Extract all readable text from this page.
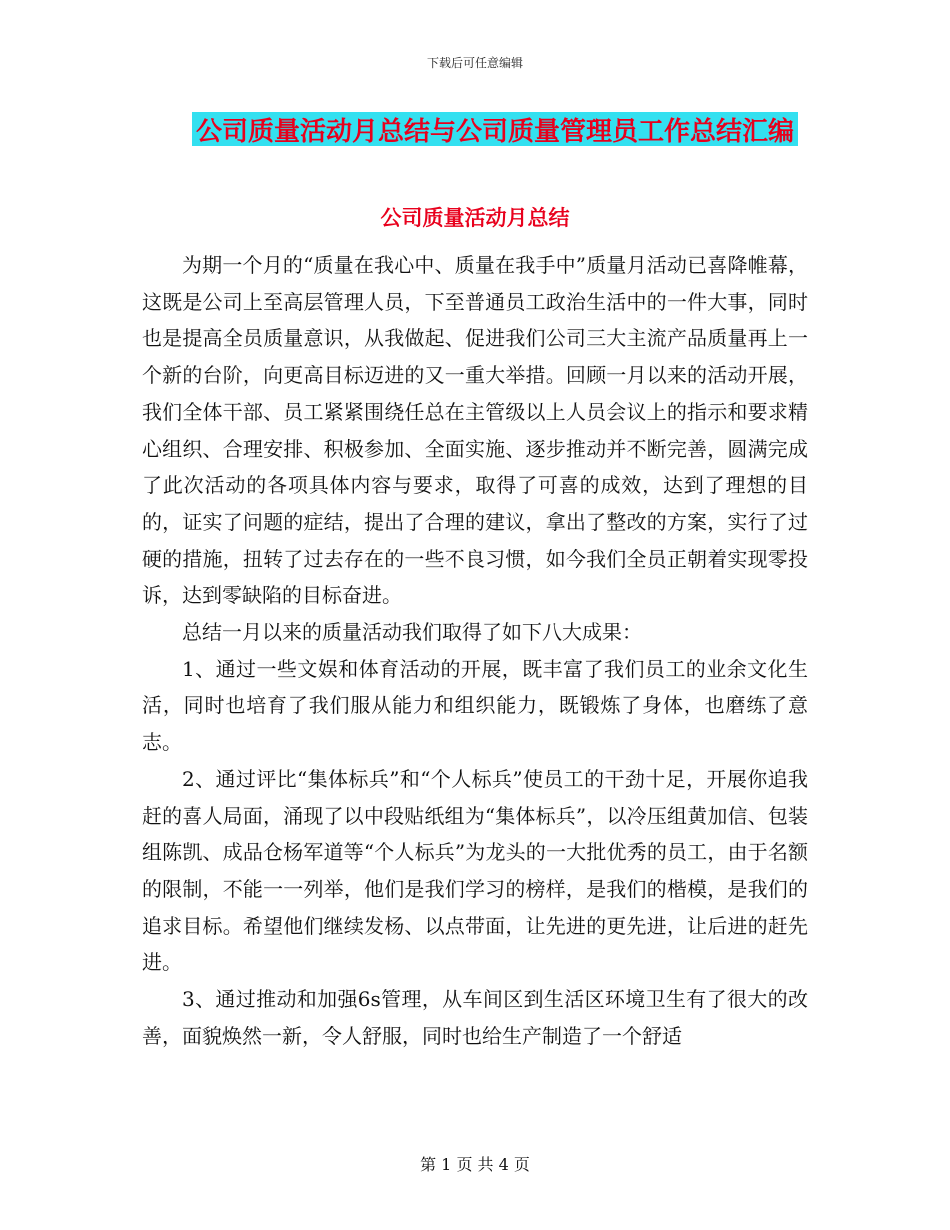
下载后可任意编辑
公司质量活动月总结与公司质量管理员工作总结汇编
公司质量活动月总结

为期一个月的“质量在我心中、质量在我手中”质量月活动已喜降帷幕，这既是公司上至高层管理人员，下至普通员工政治生活中的一件大事，同时也是提高全员质量意识，从我做起、促进我们公司三大主流产品质量再上一个新的台阶，向更高目标迈进的又一重大举措。回顾一月以来的活动开展，我们全体干部、员工紧紧围绕任总在主管级以上人员会议上的指示和要求精心组织、合理安排、积极参加、全面实施、逐步推动并不断完善，圆满完成了此次活动的各项具体内容与要求，取得了可喜的成效，达到了理想的目的，证实了问题的症结，提出了合理的建议，拿出了整改的方案，实行了过硬的措施，扭转了过去存在的一些不良习惯，如今我们全员正朝着实现零投诉，达到零缺陷的目标奋进。

总结一月以来的质量活动我们取得了如下八大成果：

1、通过一些文娱和体育活动的开展，既丰富了我们员工的业余文化生活，同时也培育了我们服从能力和组织能力，既锻炼了身体，也磨练了意志。

2、通过评比“集体标兵”和“个人标兵”使员工的干劲十足，开展你追我赶的喜人局面，涌现了以中段贴纸组为“集体标兵”，以冷压组黄加信、包装组陈凯、成品仓杨军道等“个人标兵”为龙头的一大批优秀的员工，由于名额的限制，不能一一列举，他们是我们学习的榜样，是我们的楷模，是我们的追求目标。希望他们继续发杨、以点带面，让先进的更先进，让后进的赶先进。

3、通过推动和加强6s管理，从车间区到生活区环境卫生有了很大的改善，面貌焕然一新，令人舒服，同时也给生产制造了一个舒适

第 1 页 共 4 页
